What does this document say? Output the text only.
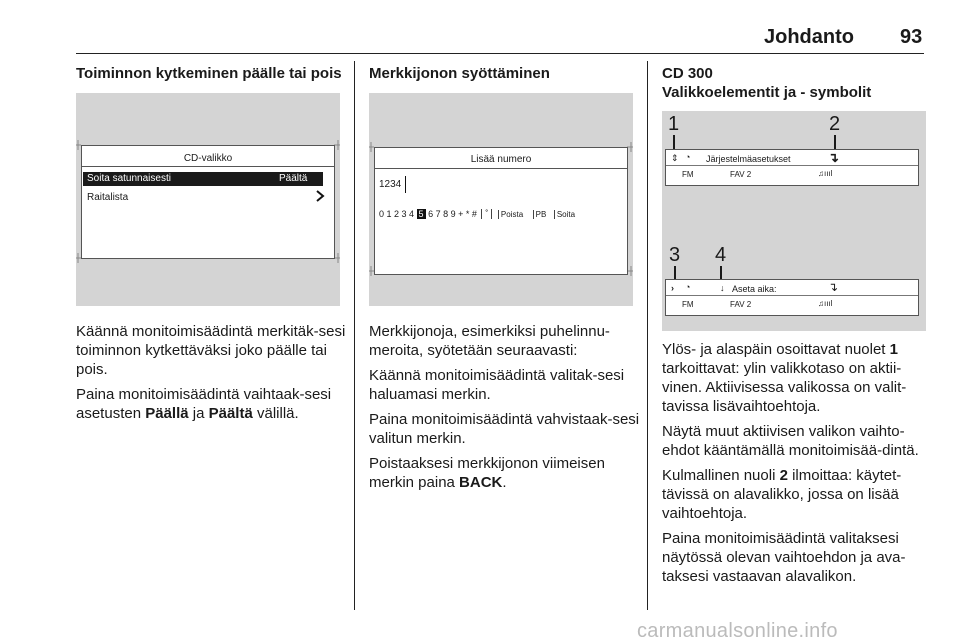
Johdanto 93
Toiminnon kytkeminen päälle tai pois
CD-valikko
Soita satunnaisesti	Päältä
Raitalista

Käännä monitoimisäädintä merkitäk-sesi toiminnon kytkettäväksi joko päälle tai pois.

Paina monitoimisäädintä vaihtaak-sesi asetusten Päällä ja Päältä välillä.

Merkkijonon syöttäminen
Lisää numero
1234
0 1 2 3 4 5 6 7 8 9 + * # ˚ Poista PB Soita

Merkkijonoja, esimerkiksi puhelinnu-meroita, syötetään seuraavasti:

Käännä monitoimisäädintä valitak-sesi haluamasi merkin.

Paina monitoimisäädintä vahvistaak-sesi valitun merkin.

Poistaaksesi merkkijonon viimeisen merkin paina BACK.

CD 300
Valikkoelementit ja - symbolit
1	2
3 4
⇕ ◔ Järjestelmäasetukset	↴
FM	FAV 2	♫ıııl
› ◔	↓ Aseta aika:	↴
FM	FAV 2	♫ıııl

Ylös- ja alaspäin osoittavat nuolet 1 tarkoittavat: ylin valikkotaso on aktii-vinen. Aktiivisessa valikossa on valit-tavissa lisävaihtoehtoja.

Näytä muut aktiivisen valikon vaihto-ehdot kääntämällä monitoimisää-dintä.

Kulmallinen nuoli 2 ilmoittaa: käytet-tävissä on alavalikko, jossa on lisää vaihtoehtoja.

Paina monitoimisäädintä valitaksesi näytössä olevan vaihtoehdon ja ava-taksesi vastaavan alavalikon.

carmanualsonline.info
